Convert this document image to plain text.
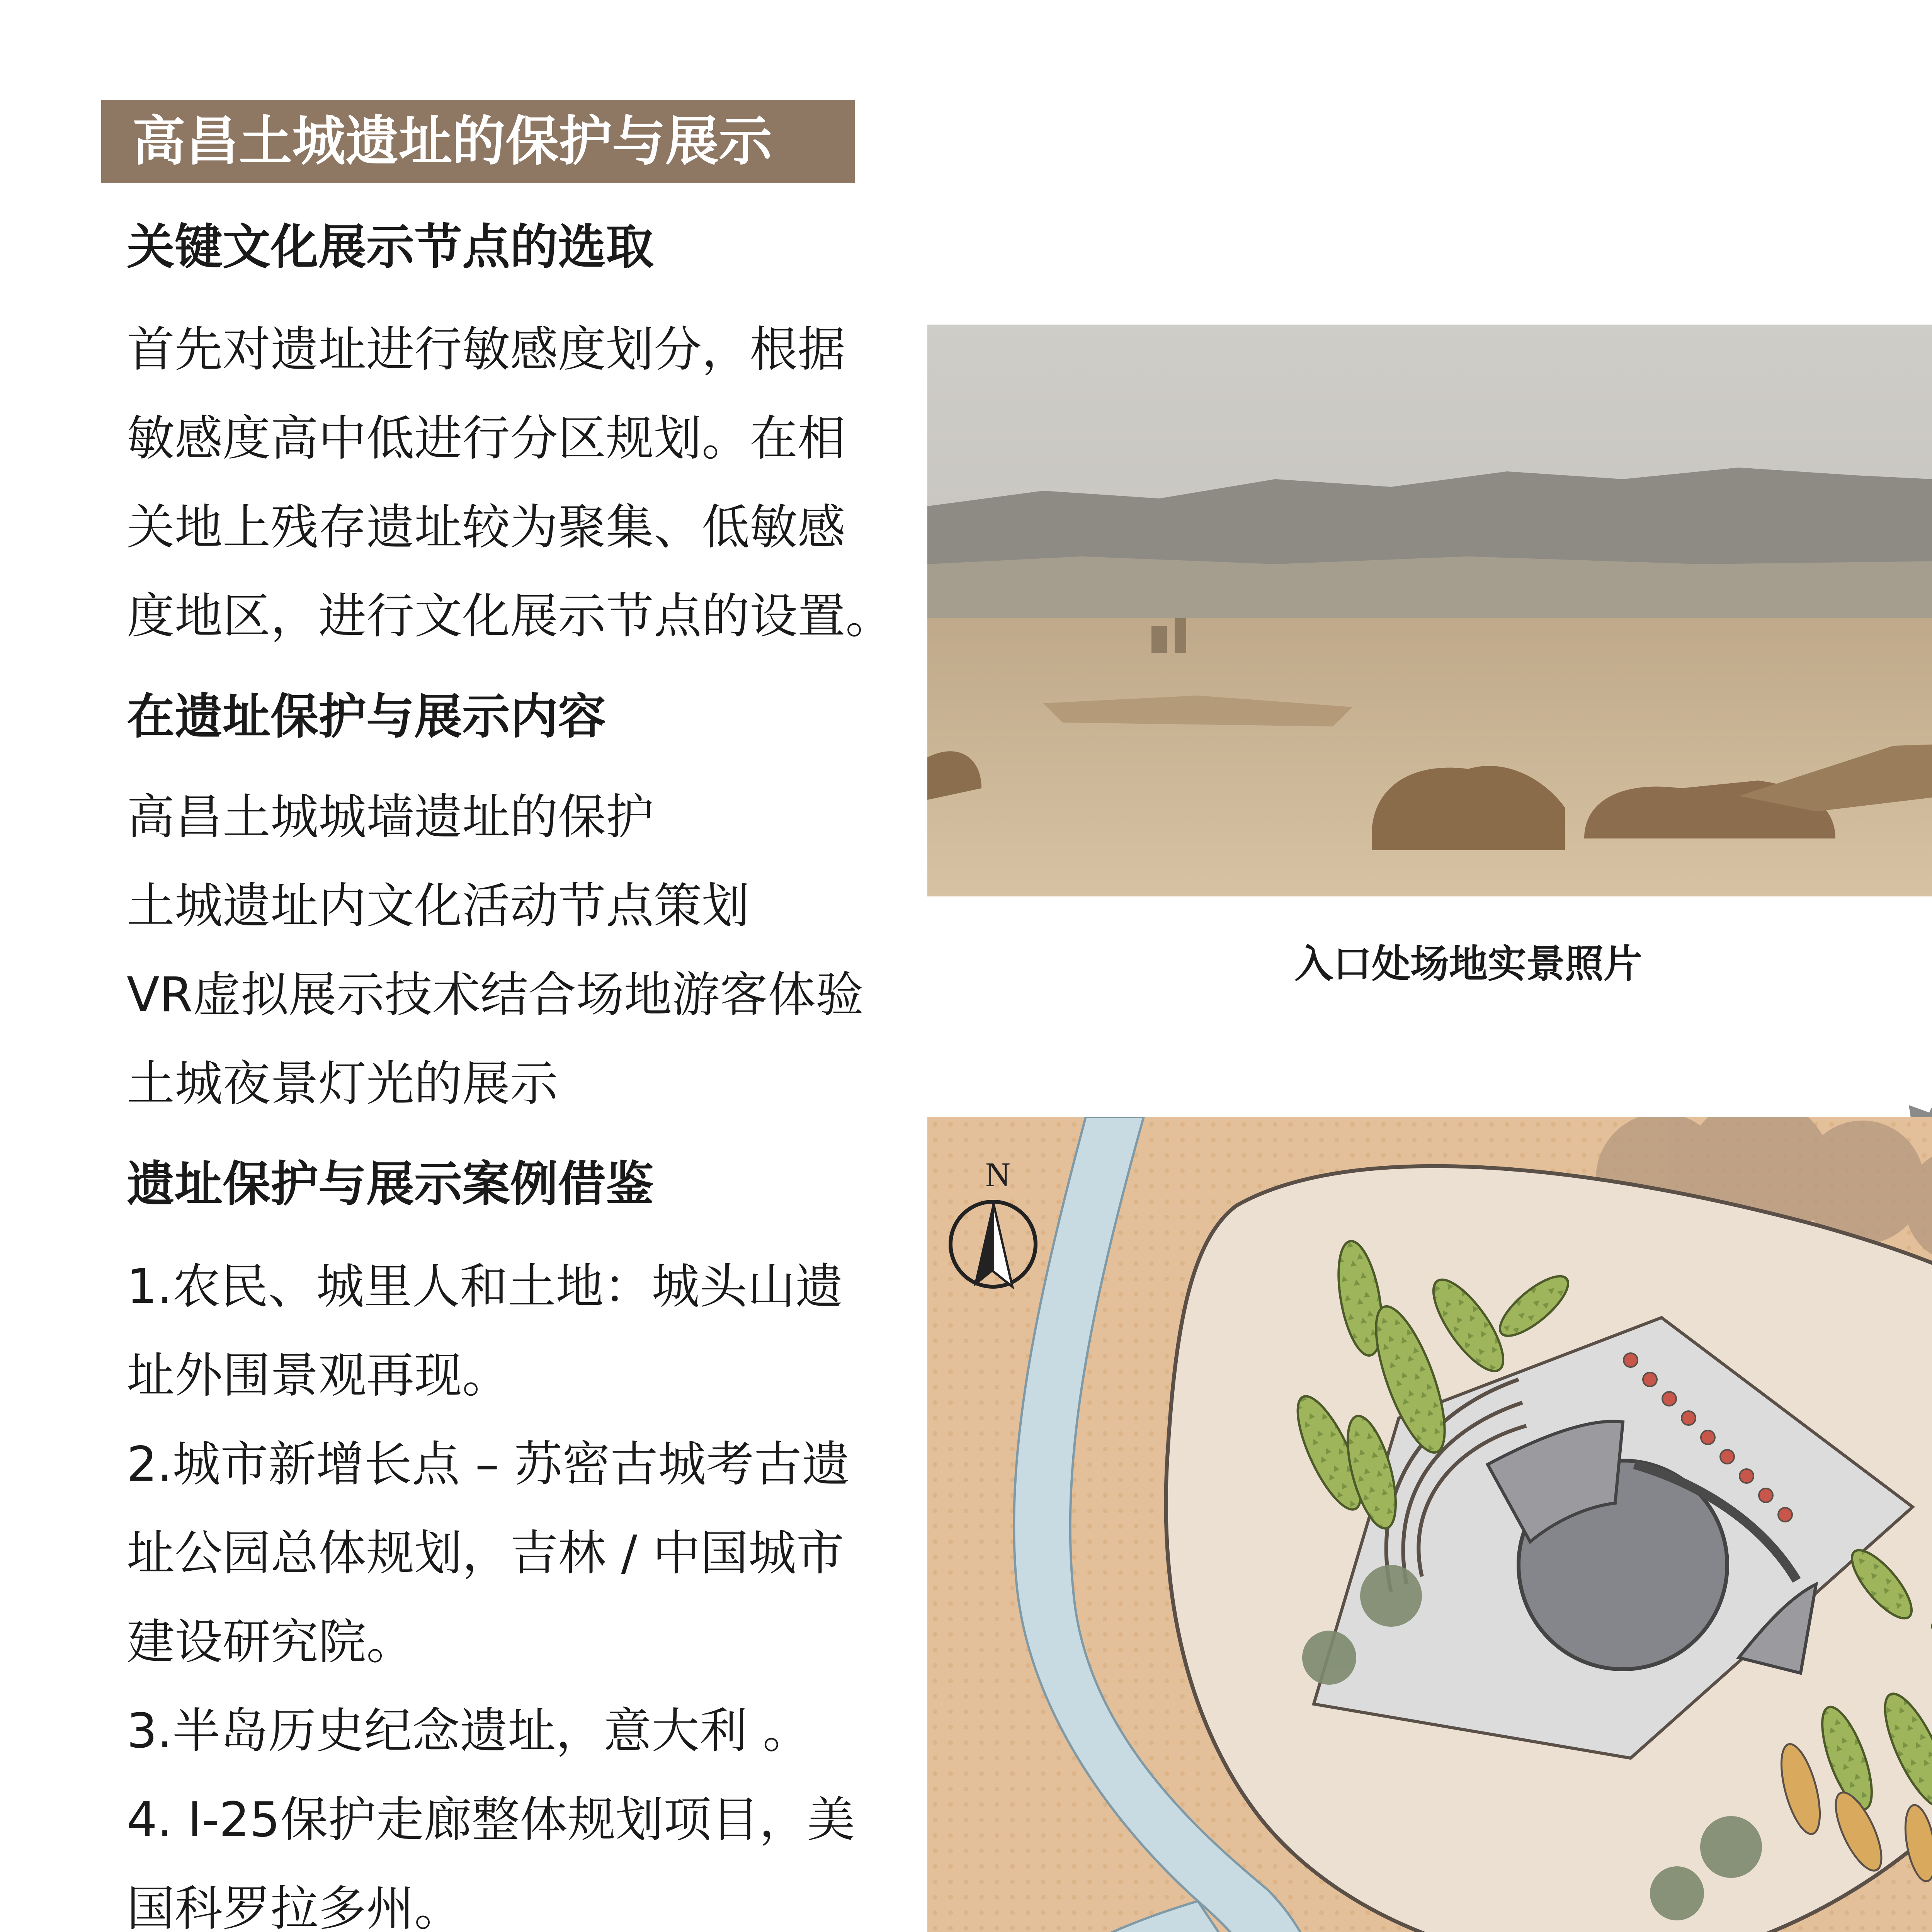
高昌土城遗址的保护与展示
关键文化展示节点的选取
首先对遗址进行敏感度划分，根据
敏感度高中低进行分区规划。在相
关地上残存遗址较为聚集、低敏感
度地区，进行文化展示节点的设置。
在遗址保护与展示内容
高昌土城城墙遗址的保护
土城遗址内文化活动节点策划
VR虚拟展示技术结合场地游客体验
土城夜景灯光的展示
遗址保护与展示案例借鉴
1.农民、城里人和土地：城头山遗
址外围景观再现。
2.城市新增长点 – 苏密古城考古遗
址公园总体规划，吉林 / 中国城市
建设研究院。
3.半岛历史纪念遗址，意大利 。
4. I-25保护走廊整体规划项目，美
国科罗拉多州。
入口处场地实景照片
N
